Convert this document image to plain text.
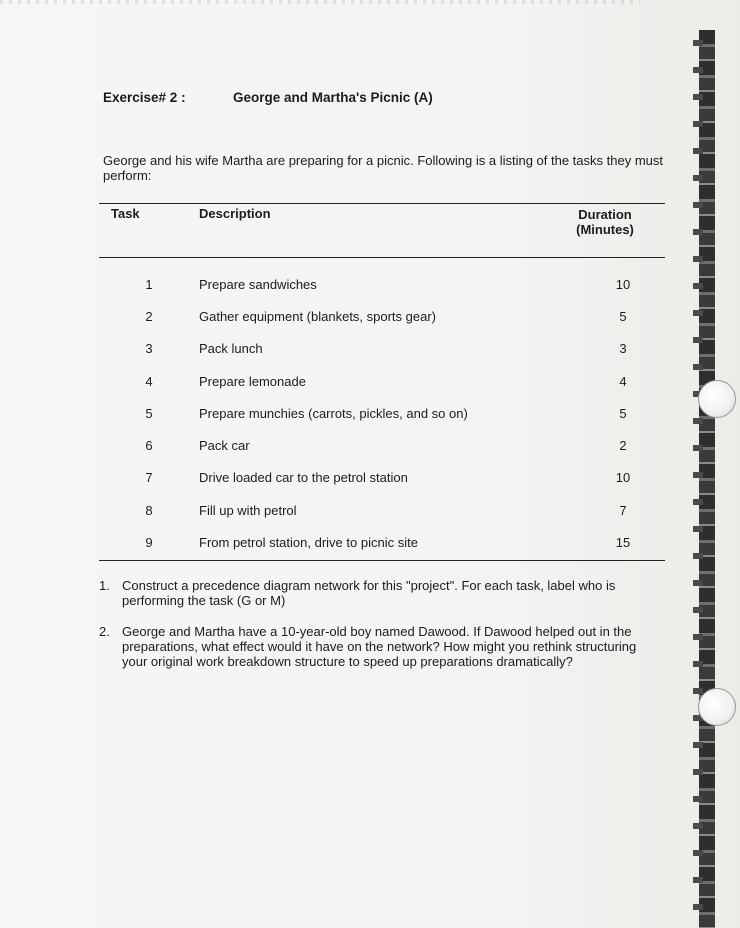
Exercise# 2 :	George and Martha's Picnic (A)
George and his wife Martha are preparing for a picnic. Following is a listing of the tasks they must perform:
Task	Description	Duration
(Minutes)
1	Prepare sandwiches	10
2	Gather equipment (blankets, sports gear)	5
3	Pack lunch	3
4	Prepare lemonade	4
5	Prepare munchies (carrots, pickles, and so on)	5
6	Pack car	2
7	Drive loaded car to the petrol station	10
8	Fill up with petrol	7
9	From petrol station, drive to picnic site	15
1. Construct a precedence diagram network for this "project". For each task, label who is performing the task (G or M)
2. George and Martha have a 10-year-old boy named Dawood. If Dawood helped out in the preparations, what effect would it have on the network? How might you rethink structuring your original work breakdown structure to speed up preparations dramatically?
